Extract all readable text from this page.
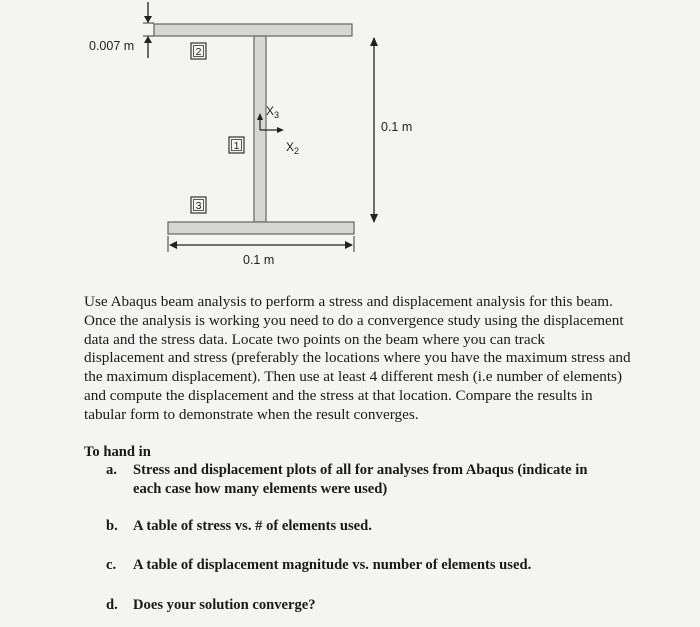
0.007 m
0.1 m
0.1 m
2
1
3
$X_3$
$X_2$

Use Abaqus beam analysis to perform a stress and displacement analysis for this beam.
Once the analysis is working you need to do a convergence study using the displacement
data and the stress data. Locate two points on the beam where you can track
displacement and stress (preferably the locations where you have the maximum stress and
the maximum displacement). Then use at least 4 different mesh (i.e number of elements)
and compute the displacement and the stress at that location. Compare the results in
tabular form to demonstrate when the result converges.

To hand in
a.	Stress and displacement plots of all for analyses from Abaqus (indicate in
each case how many elements were used)
b.	A table of stress vs. # of elements used.
c.	A table of displacement magnitude vs. number of elements used.
d.	Does your solution converge?
